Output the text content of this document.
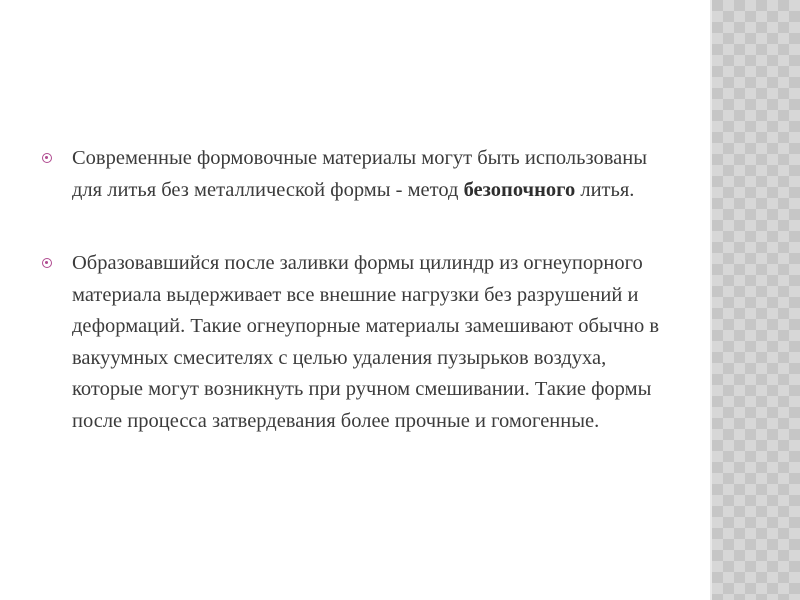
Современные формовочные материалы могут быть использованы для литья без металлической формы - метод безопочного литья.
Образовавшийся после заливки формы цилиндр из огнеупорного материала выдерживает все внешние нагрузки без разрушений и деформаций. Такие огнеупорные материалы замешивают обычно в вакуумных смесителях с целью удаления пузырьков воздуха, которые могут возникнуть при ручном смешивании. Такие формы после процесса затвердевания более прочные и гомогенные.
